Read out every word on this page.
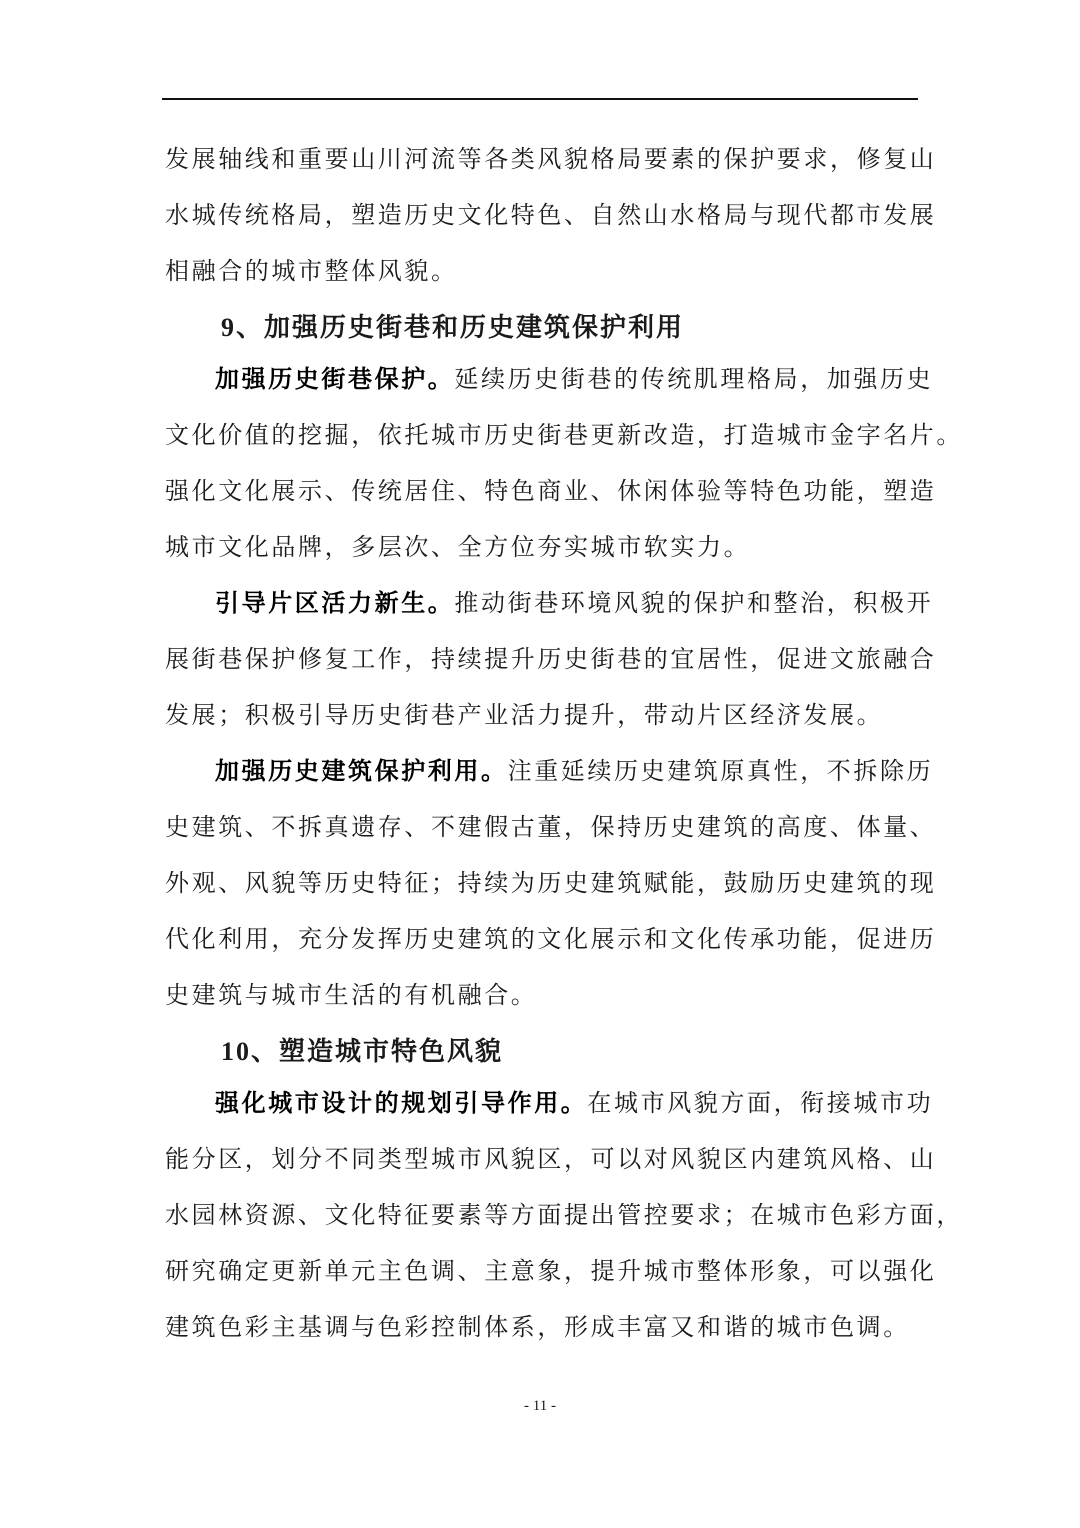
发展轴线和重要山川河流等各类风貌格局要素的保护要求，修复山
水城传统格局，塑造历史文化特色、自然山水格局与现代都市发展
相融合的城市整体风貌。
9、加强历史街巷和历史建筑保护利用
加强历史街巷保护。延续历史街巷的传统肌理格局，加强历史
文化价值的挖掘，依托城市历史街巷更新改造，打造城市金字名片。
强化文化展示、传统居住、特色商业、休闲体验等特色功能，塑造
城市文化品牌，多层次、全方位夯实城市软实力。
引导片区活力新生。推动街巷环境风貌的保护和整治，积极开
展街巷保护修复工作，持续提升历史街巷的宜居性，促进文旅融合
发展；积极引导历史街巷产业活力提升，带动片区经济发展。
加强历史建筑保护利用。注重延续历史建筑原真性，不拆除历
史建筑、不拆真遗存、不建假古董，保持历史建筑的高度、体量、
外观、风貌等历史特征；持续为历史建筑赋能，鼓励历史建筑的现
代化利用，充分发挥历史建筑的文化展示和文化传承功能，促进历
史建筑与城市生活的有机融合。
10、塑造城市特色风貌
强化城市设计的规划引导作用。在城市风貌方面，衔接城市功
能分区，划分不同类型城市风貌区，可以对风貌区内建筑风格、山
水园林资源、文化特征要素等方面提出管控要求；在城市色彩方面，
研究确定更新单元主色调、主意象，提升城市整体形象，可以强化
建筑色彩主基调与色彩控制体系，形成丰富又和谐的城市色调。
- 11 -
